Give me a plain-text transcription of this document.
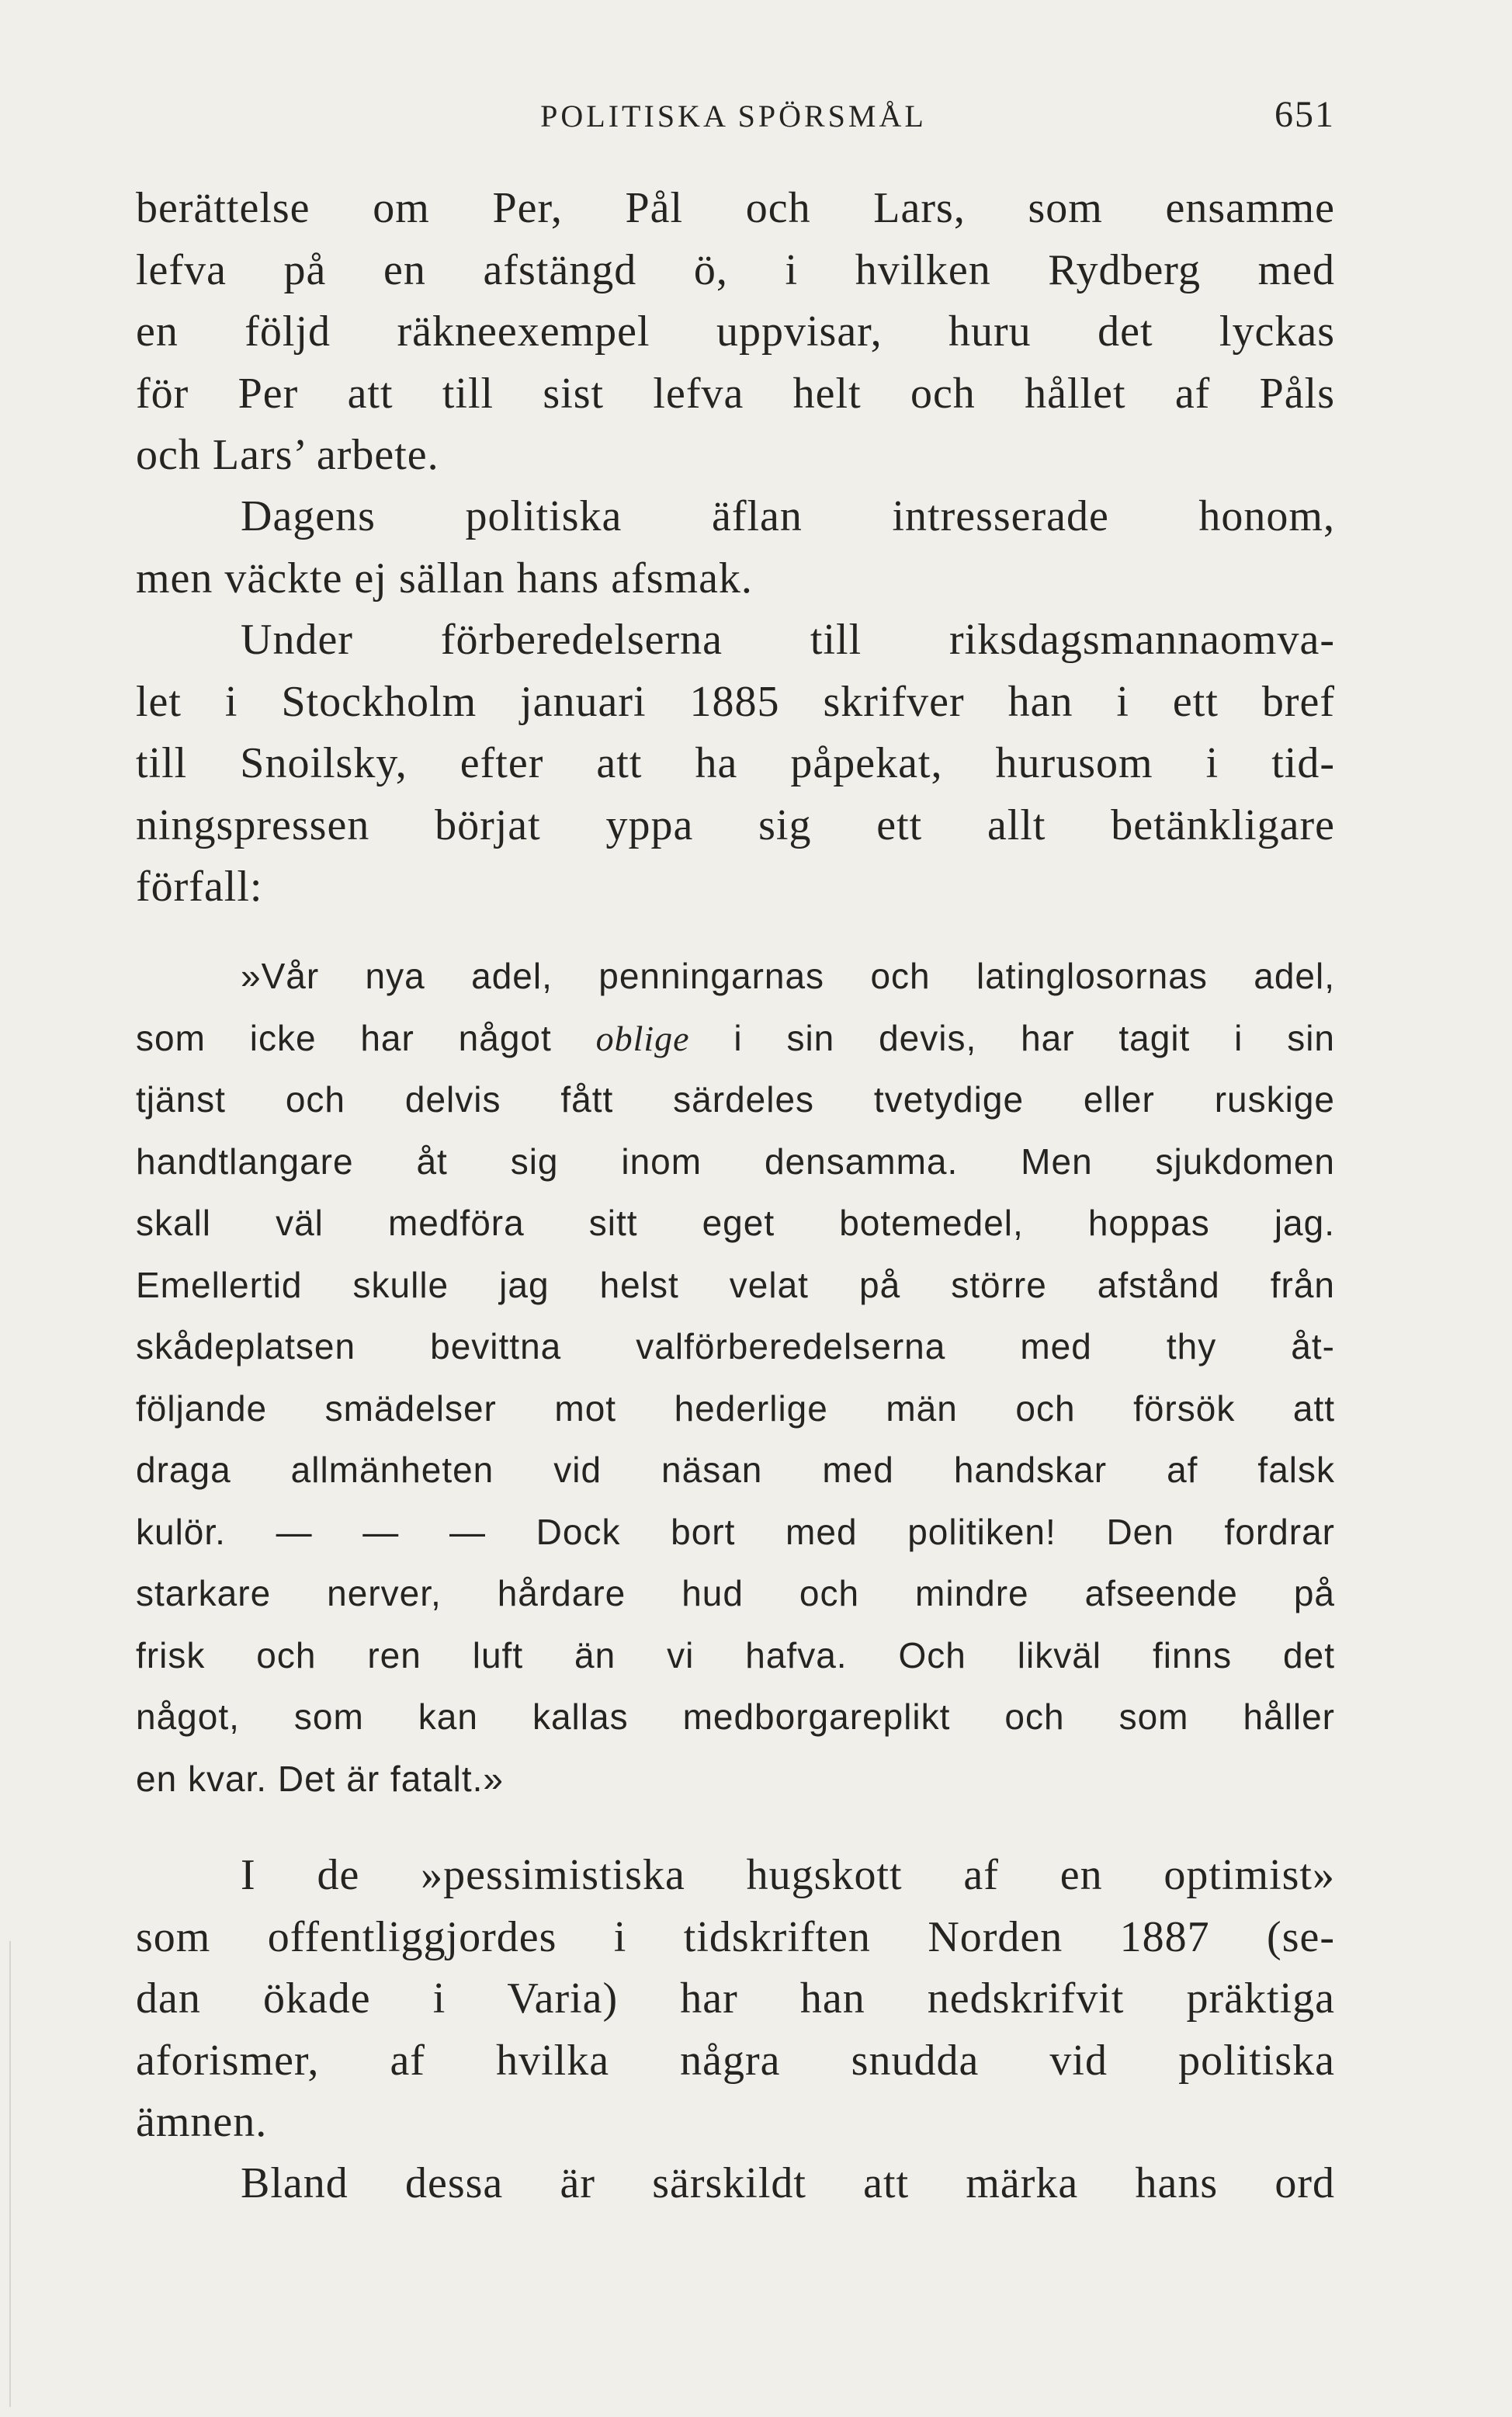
POLITISKA SPÖRSMÅL	651
berättelse om Per, Pål och Lars, som ensamme
lefva på en afstängd ö, i hvilken Rydberg med
en följd räkneexempel uppvisar, huru det lyckas
för Per att till sist lefva helt och hållet af Påls
och Lars’ arbete.
Dagens politiska äflan intresserade honom,
men väckte ej sällan hans afsmak.
Under förberedelserna till riksdagsmannaomva-
let i Stockholm januari 1885 skrifver han i ett bref
till Snoilsky, efter att ha påpekat, hurusom i tid-
ningspressen börjat yppa sig ett allt betänkligare
förfall:
»Vår nya adel, penningarnas och latinglosornas adel,
som icke har något oblige i sin devis, har tagit i sin
tjänst och delvis fått särdeles tvetydige eller ruskige
handtlangare åt sig inom densamma. Men sjukdomen
skall väl medföra sitt eget botemedel, hoppas jag.
Emellertid skulle jag helst velat på större afstånd från
skådeplatsen bevittna valförberedelserna med thy åt-
följande smädelser mot hederlige män och försök att
draga allmänheten vid näsan med handskar af falsk
kulör. — — — Dock bort med politiken! Den fordrar
starkare nerver, hårdare hud och mindre afseende på
frisk och ren luft än vi hafva. Och likväl finns det
något, som kan kallas medborgareplikt och som håller
en kvar. Det är fatalt.»
I de »pessimistiska hugskott af en optimist»
som offentliggjordes i tidskriften Norden 1887 (se-
dan ökade i Varia) har han nedskrifvit präktiga
aforismer, af hvilka några snudda vid politiska
ämnen.
Bland dessa är särskildt att märka hans ord
